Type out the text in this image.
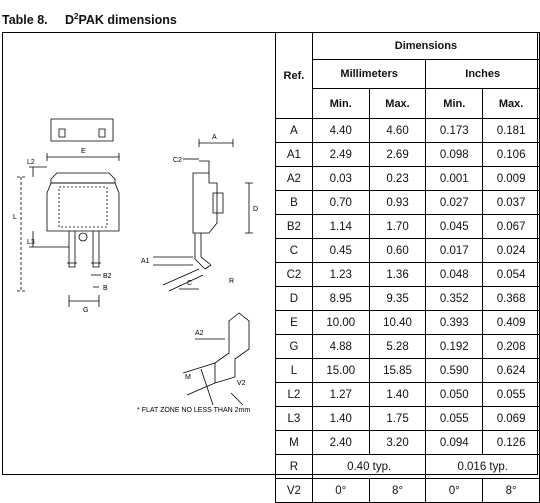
Table 8. $D^2PAK$ dimensions
E
L
L2
L3
G
B
B2
A
C2
D
A1
C	R
A2
M
V2
* FLAT ZONE NO LESS THAN 2mm
Ref.	Dimensions			
	Millimeters		Inches	
	Min.	Max.	Min.	Max.
A	4.40	4.60	0.173	0.181
A1	2.49	2.69	0.098	0.106
A2	0.03	0.23	0.001	0.009
B	0.70	0.93	0.027	0.037
B2	1.14	1.70	0.045	0.067
C	0.45	0.60	0.017	0.024
C2	1.23	1.36	0.048	0.054
D	8.95	9.35	0.352	0.368
E	10.00	10.40	0.393	0.409
G	4.88	5.28	0.192	0.208
L	15.00	15.85	0.590	0.624
L2	1.27	1.40	0.050	0.055
L3	1.40	1.75	0.055	0.069
M	2.40	3.20	0.094	0.126
R	0.40 typ.		0.016 typ.	
V2	0°	8°	0°	8°
